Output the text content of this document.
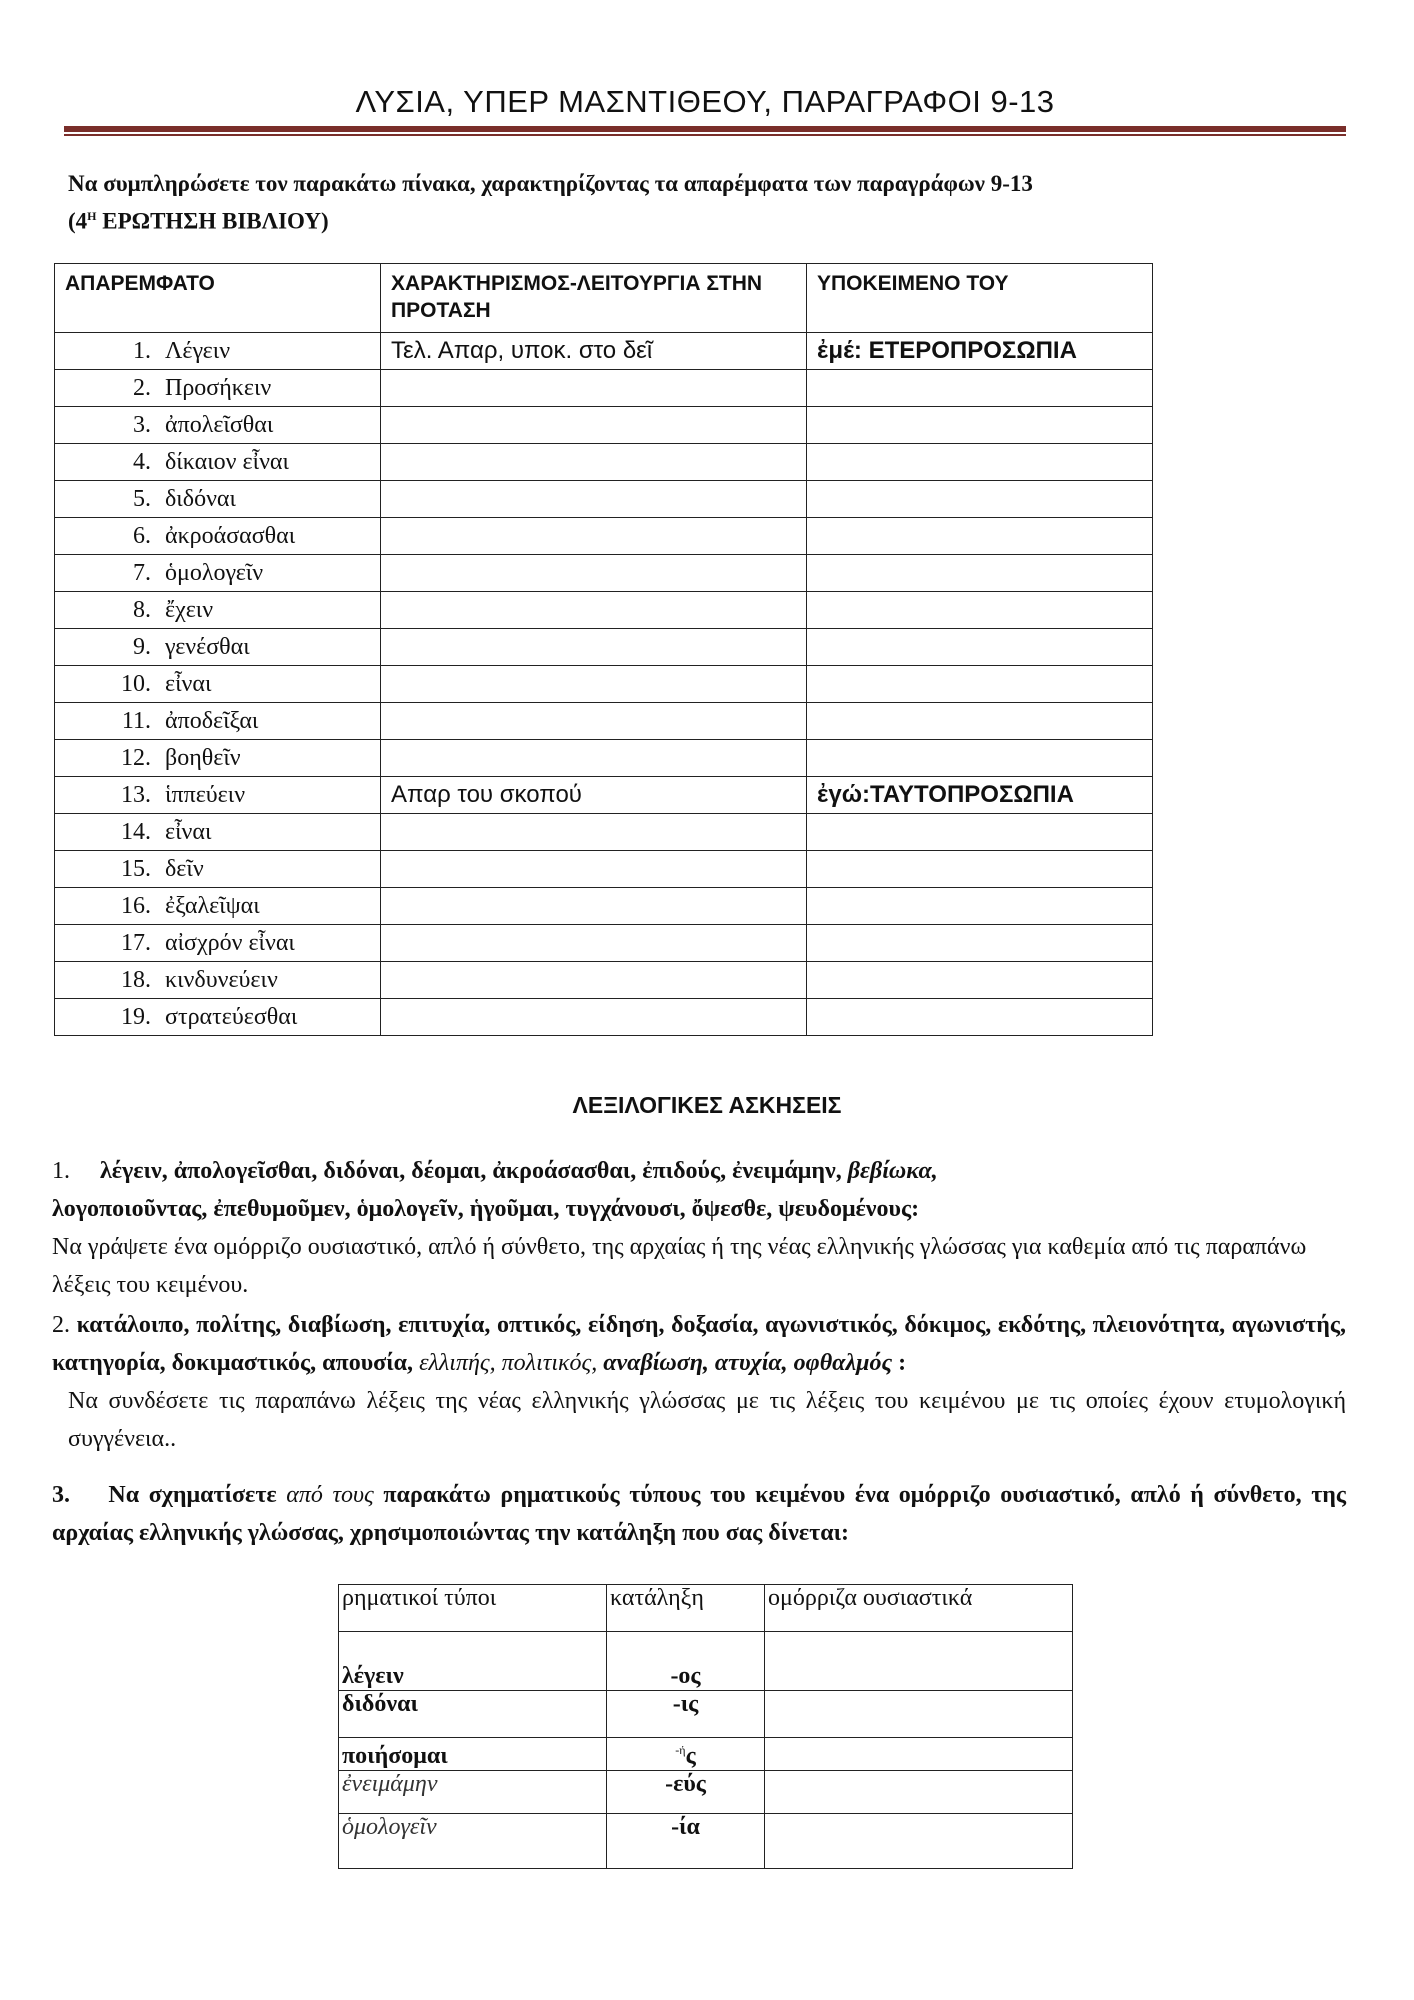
ΛΥΣΙΑ, ΥΠΕΡ ΜΑΣΝΤΙΘΕΟΥ, ΠΑΡΑΓΡΑΦΟΙ 9-13
Να συμπληρώσετε τον παρακάτω πίνακα, χαρακτηρίζοντας τα απαρέμφατα των παραγράφων 9-13
($4^H$ ΕΡΩΤΗΣΗ ΒΙΒΛΙΟΥ)
ΑΠΑΡΕΜΦΑΤΟ	ΧΑΡΑΚΤΗΡΙΣΜΟΣ-ΛΕΙΤΟΥΡΓΙΑ ΣΤΗΝ ΠΡΟΤΑΣΗ	ΥΠΟΚΕΙΜΕΝΟ ΤΟΥ
1. Λέγειν	Τελ. Απαρ, υποκ. στο δεῖ	ἐμέ: ΕΤΕΡΟΠΡΟΣΩΠΙΑ
2. Προσήκειν		
3. ἀπολεῖσθαι		
4. δίκαιον εἶναι		
5. διδόναι		
6. ἀκροάσασθαι		
7. ὁμολογεῖν		
8. ἔχειν		
9. γενέσθαι		
10. εἶναι		
11. ἀποδεῖξαι		
12. βοηθεῖν		
13. ἱππεύειν	Απαρ του σκοπού	ἐγώ:ΤΑΥΤΟΠΡΟΣΩΠΙΑ
14. εἶναι		
15. δεῖν		
16. ἐξαλεῖψαι		
17. αἰσχρόν εἶναι		
18. κινδυνεύειν		
19. στρατεύεσθαι		
ΛΕΞΙΛΟΓΙΚΕΣ ΑΣΚΗΣΕΙΣ
1. λέγειν, ἀπολογεῖσθαι, διδόναι, δέομαι, ἀκροάσασθαι, ἐπιδούς, ἐνειμάμην, βεβίωκα,
λογοποιοῦντας, ἐπεθυμοῦμεν, ὁμολογεῖν, ἡγοῦμαι, τυγχάνουσι, ὄψεσθε, ψευδομένους:
Να γράψετε ένα ομόρριζο ουσιαστικό, απλό ή σύνθετο, της αρχαίας ή της νέας ελληνικής γλώσσας για καθεμία από τις παραπάνω λέξεις του κειμένου.
2. κατάλοιπο, πολίτης, διαβίωση, επιτυχία, οπτικός, είδηση, δοξασία, αγωνιστικός, δόκιμος, εκδότης, πλειονότητα, αγωνιστής, κατηγορία, δοκιμαστικός, απουσία, ελλιπής, πολιτικός, αναβίωση, ατυχία, οφθαλμός :
Να συνδέσετε τις παραπάνω λέξεις της νέας ελληνικής γλώσσας με τις λέξεις του κειμένου με τις οποίες έχουν ετυμολογική συγγένεια..
3. Να σχηματίσετε από τους παρακάτω ρηματικούς τύπους του κειμένου ένα ομόρριζο ουσιαστικό, απλό ή σύνθετο, της αρχαίας ελληνικής γλώσσας, χρησιμοποιώντας την κατάληξη που σας δίνεται:
ρηματικοί τύποι	κατάληξη	ομόρριζα ουσιαστικά
λέγειν	-ος	
διδόναι	-ις	
ποιήσομαι	$^{-ή}$ς	
ἐνειμάμην	-εύς	
ὁμολογεῖν	-ία	
